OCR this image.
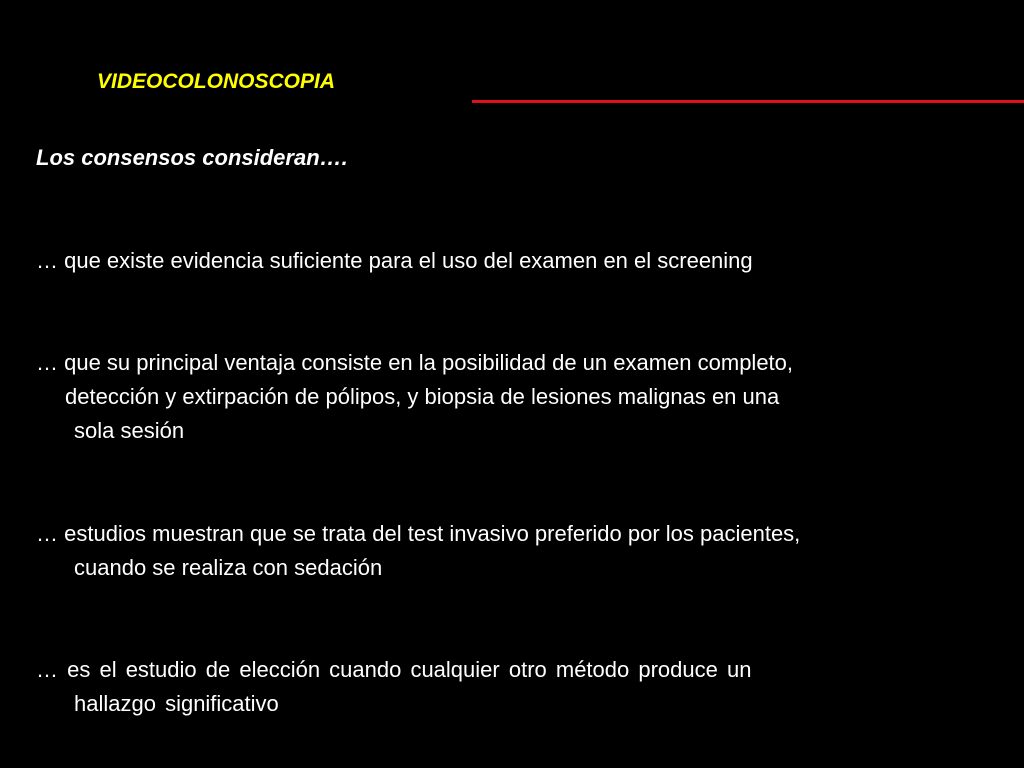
VIDEOCOLONOSCOPIA
Los consensos consideran….
… que existe evidencia suficiente para el uso del examen en el screening
… que su principal ventaja consiste en la posibilidad de un examen completo,
detección y extirpación de pólipos, y biopsia de lesiones malignas en una
sola sesión
… estudios muestran que se trata del test invasivo preferido por los pacientes,
cuando se realiza con sedación
… es el estudio de elección cuando cualquier otro método produce un
hallazgo significativo
